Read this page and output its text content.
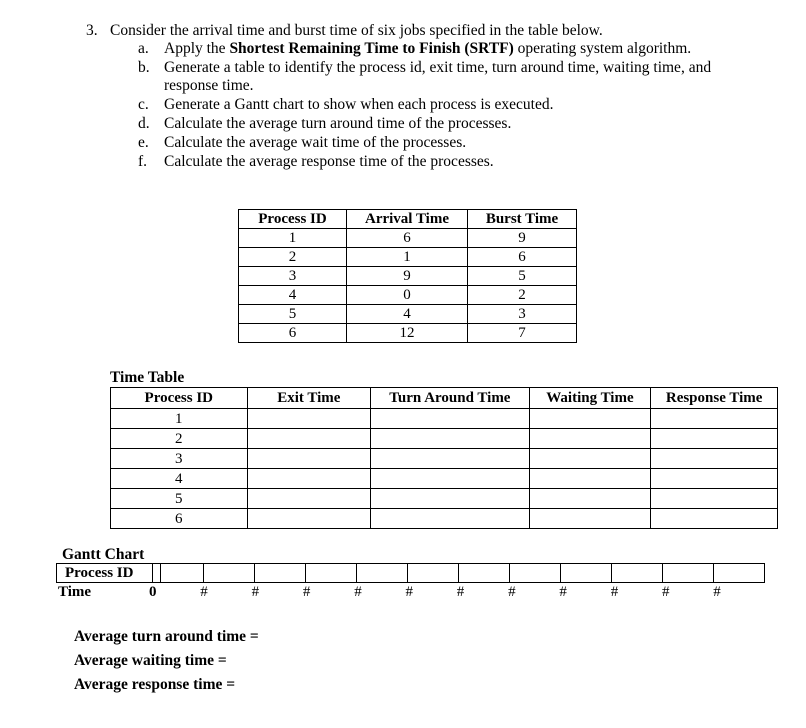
3. Consider the arrival time and burst time of six jobs specified in the table below.
a. Apply the Shortest Remaining Time to Finish (SRTF) operating system algorithm.
b. Generate a table to identify the process id, exit time, turn around time, waiting time, and
response time.
c. Generate a Gantt chart to show when each process is executed.
d. Calculate the average turn around time of the processes.
e. Calculate the average wait time of the processes.
f. Calculate the average response time of the processes.
Process ID	Arrival Time	Burst Time
1	6	9
2	1	6
3	9	5
4	0	2
5	4	3
6	12	7
Time Table
Process ID	Exit Time	Turn Around Time	Waiting Time	Response Time
1				
2				
3				
4				
5				
6				
Gantt Chart
Process ID
Time	0	#	#	#	#	#	#	#	#	#	#	#
Average turn around time =
Average waiting time =
Average response time =
